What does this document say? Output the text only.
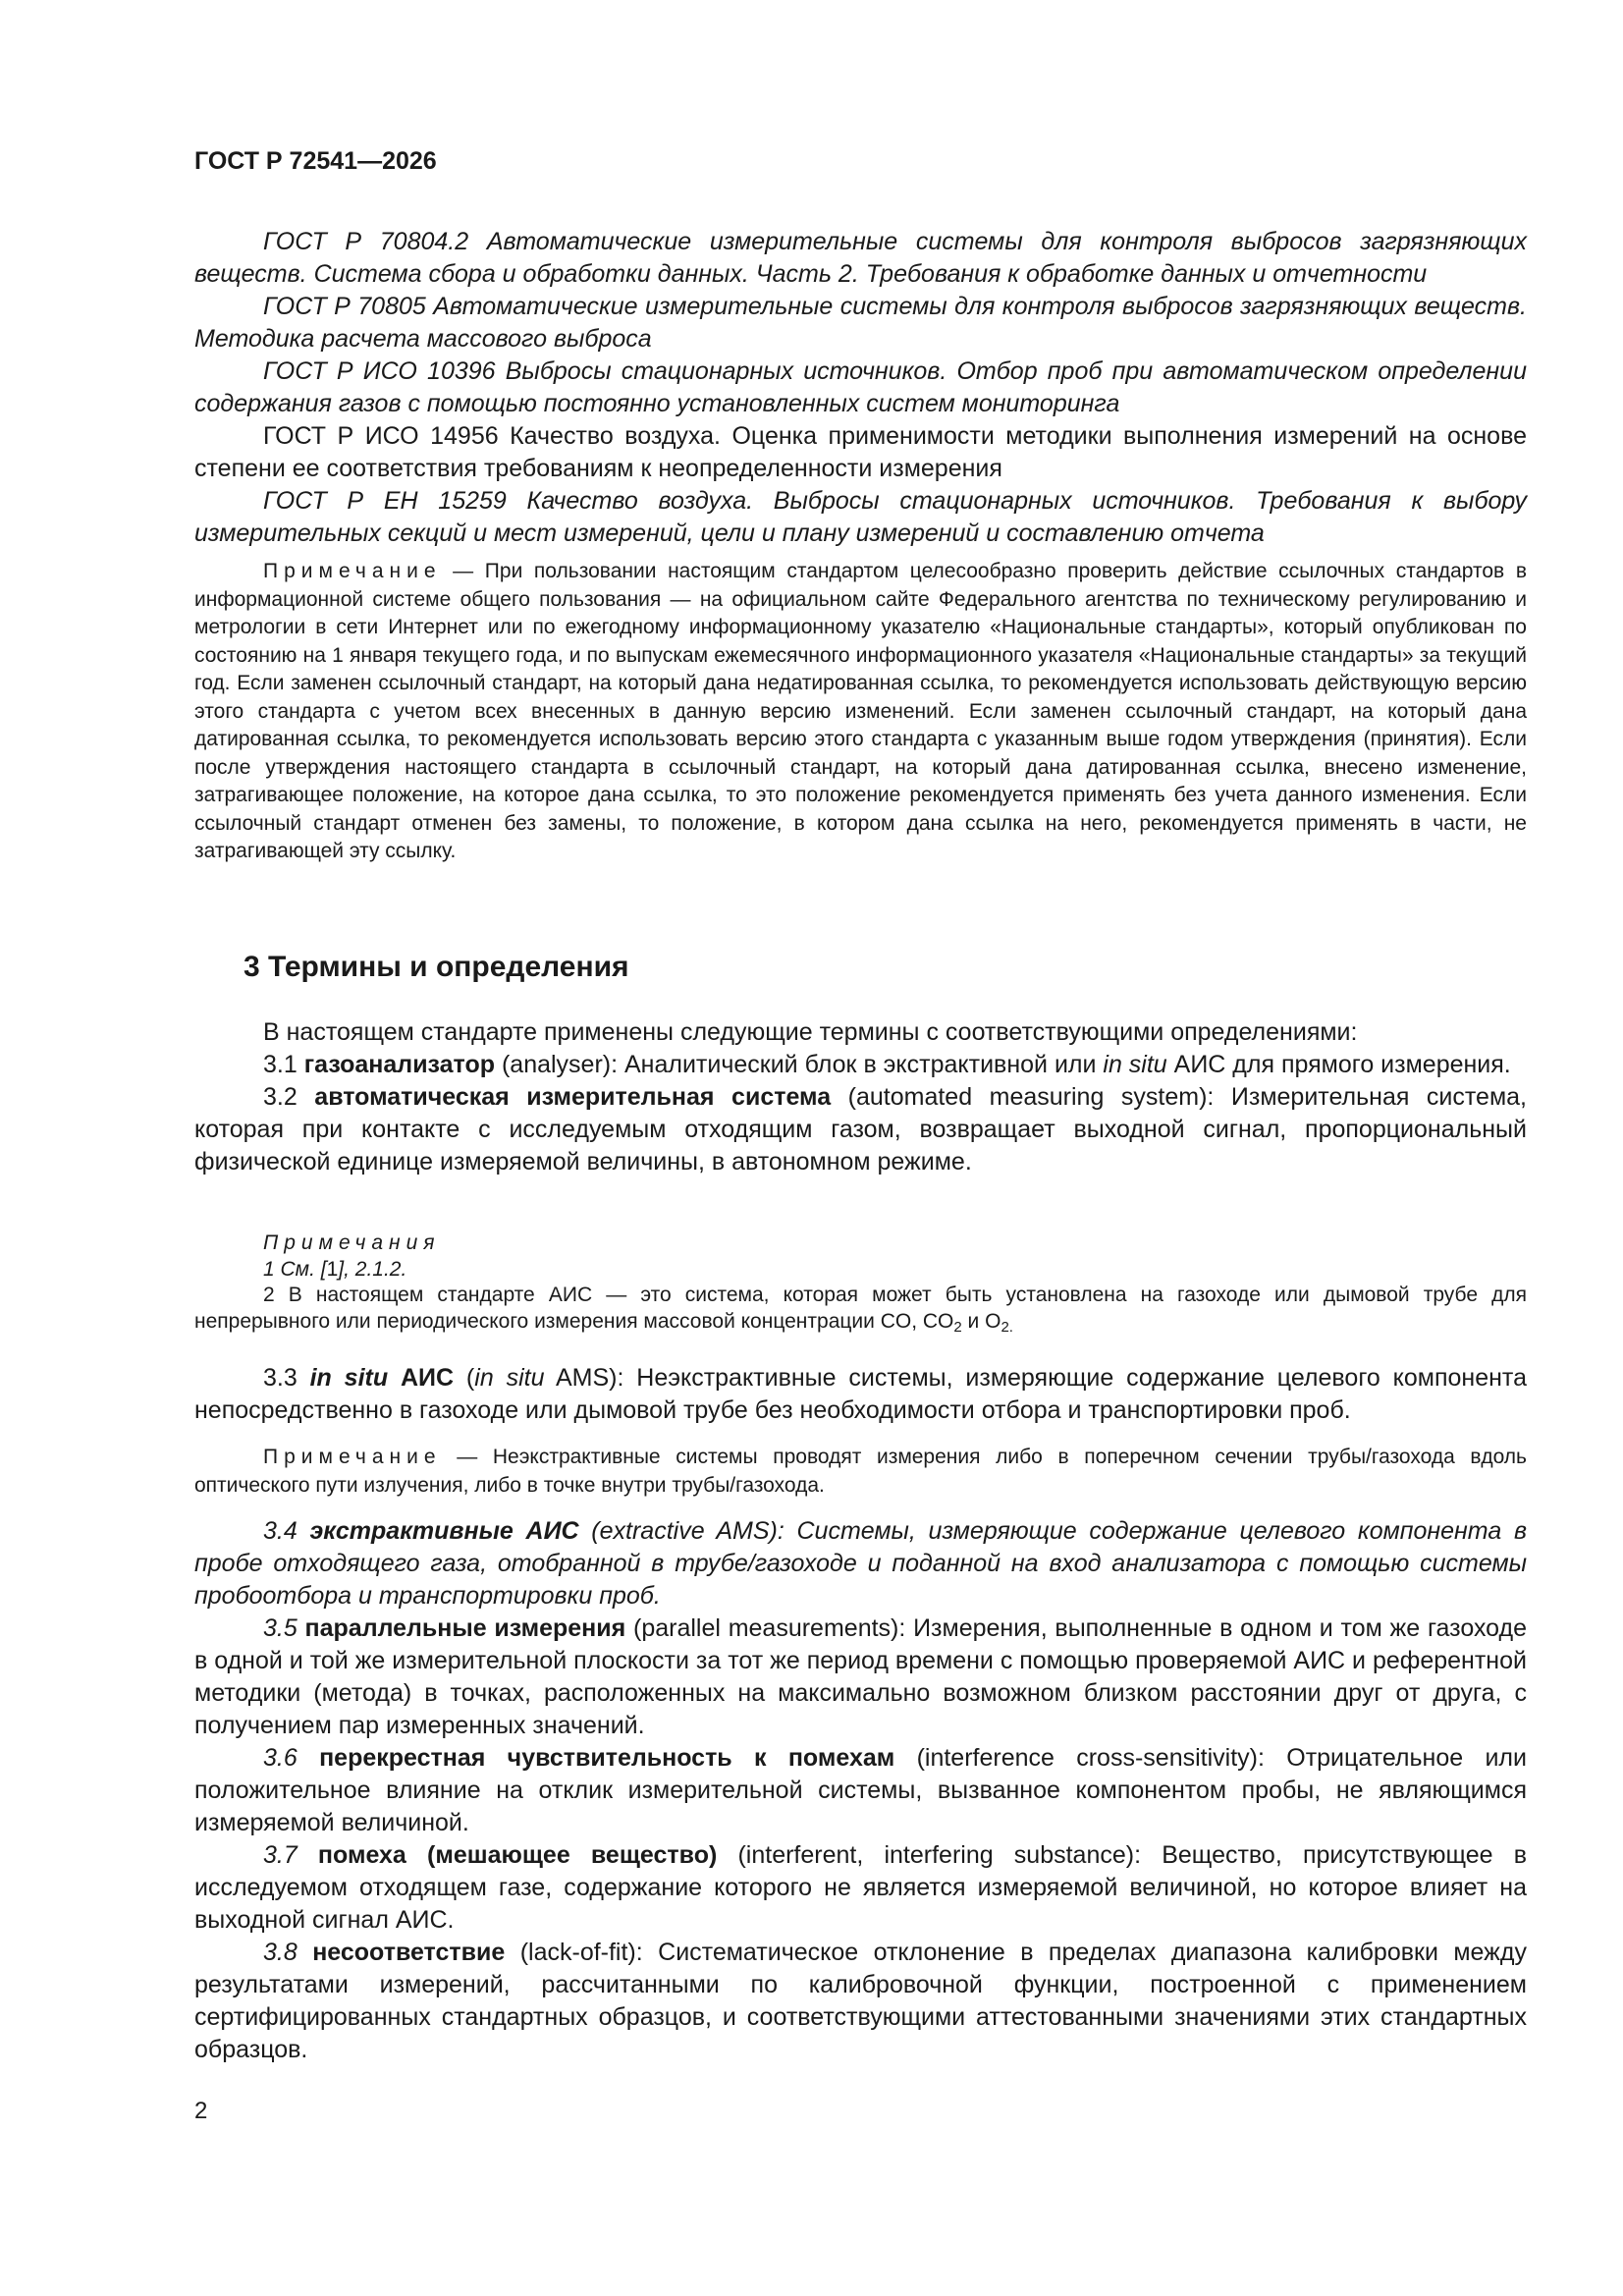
ГОСТ Р 72541—2026

ГОСТ Р 70804.2 Автоматические измерительные системы для контроля выбросов загрязняющих веществ. Система сбора и обработки данных. Часть 2. Требования к обработке данных и отчетности

ГОСТ Р 70805 Автоматические измерительные системы для контроля выбросов загрязняющих веществ. Методика расчета массового выброса

ГОСТ Р ИСО 10396 Выбросы стационарных источников. Отбор проб при автоматическом определении содержания газов с помощью постоянно установленных систем мониторинга

ГОСТ Р ИСО 14956 Качество воздуха. Оценка применимости методики выполнения измерений на основе степени ее соответствия требованиям к неопределенности измерения

ГОСТ Р ЕН 15259 Качество воздуха. Выбросы стационарных источников. Требования к выбору измерительных секций и мест измерений, цели и плану измерений и составлению отчета

Примечание — При пользовании настоящим стандартом целесообразно проверить действие ссылочных стандартов в информационной системе общего пользования — на официальном сайте Федерального агентства по техническому регулированию и метрологии в сети Интернет или по ежегодному информационному указателю «Национальные стандарты», который опубликован по состоянию на 1 января текущего года, и по выпускам ежемесячного информационного указателя «Национальные стандарты» за текущий год. Если заменен ссылочный стандарт, на который дана недатированная ссылка, то рекомендуется использовать действующую версию этого стандарта с учетом всех внесенных в данную версию изменений. Если заменен ссылочный стандарт, на который дана датированная ссылка, то рекомендуется использовать версию этого стандарта с указанным выше годом утверждения (принятия). Если после утверждения настоящего стандарта в ссылочный стандарт, на который дана датированная ссылка, внесено изменение, затрагивающее положение, на которое дана ссылка, то это положение рекомендуется применять без учета данного изменения. Если ссылочный стандарт отменен без замены, то положение, в котором дана ссылка на него, рекомендуется применять в части, не затрагивающей эту ссылку.

3 Термины и определения

В настоящем стандарте применены следующие термины с соответствующими определениями:

3.1 газоанализатор (analyser): Аналитический блок в экстрактивной или in situ АИС для прямого измерения.

3.2 автоматическая измерительная система (automated measuring system): Измерительная система, которая при контакте с исследуемым отходящим газом, возвращает выходной сигнал, пропорциональный физической единице измеряемой величины, в автономном режиме.

Примечания

1 См. [1], 2.1.2.

2 В настоящем стандарте АИС — это система, которая может быть установлена на газоходе или дымовой трубе для непрерывного или периодического измерения массовой концентрации CO, $CO_2$ и $O_{2.}$

3.3 in situ АИС (in situ AMS): Неэкстрактивные системы, измеряющие содержание целевого компонента непосредственно в газоходе или дымовой трубе без необходимости отбора и транспортировки проб.

Примечание — Неэкстрактивные системы проводят измерения либо в поперечном сечении трубы/газохода вдоль оптического пути излучения, либо в точке внутри трубы/газохода.

3.4 экстрактивные АИС (extractive AMS): Системы, измеряющие содержание целевого компонента в пробе отходящего газа, отобранной в трубе/газоходе и поданной на вход анализатора с помощью системы пробоотбора и транспортировки проб.

3.5 параллельные измерения (parallel measurements): Измерения, выполненные в одном и том же газоходе в одной и той же измерительной плоскости за тот же период времени с помощью проверяемой АИС и референтной методики (метода) в точках, расположенных на максимально возможном близком расстоянии друг от друга, с получением пар измеренных значений.

3.6 перекрестная чувствительность к помехам (interference cross-sensitivity): Отрицательное или положительное влияние на отклик измерительной системы, вызванное компонентом пробы, не являющимся измеряемой величиной.

3.7 помеха (мешающее вещество) (interferent, interfering substance): Вещество, присутствующее в исследуемом отходящем газе, содержание которого не является измеряемой величиной, но которое влияет на выходной сигнал АИС.

3.8 несоответствие (lack-of-fit): Систематическое отклонение в пределах диапазона калибровки между результатами измерений, рассчитанными по калибровочной функции, построенной с применением сертифицированных стандартных образцов, и соответствующими аттестованными значениями этих стандартных образцов.

2
